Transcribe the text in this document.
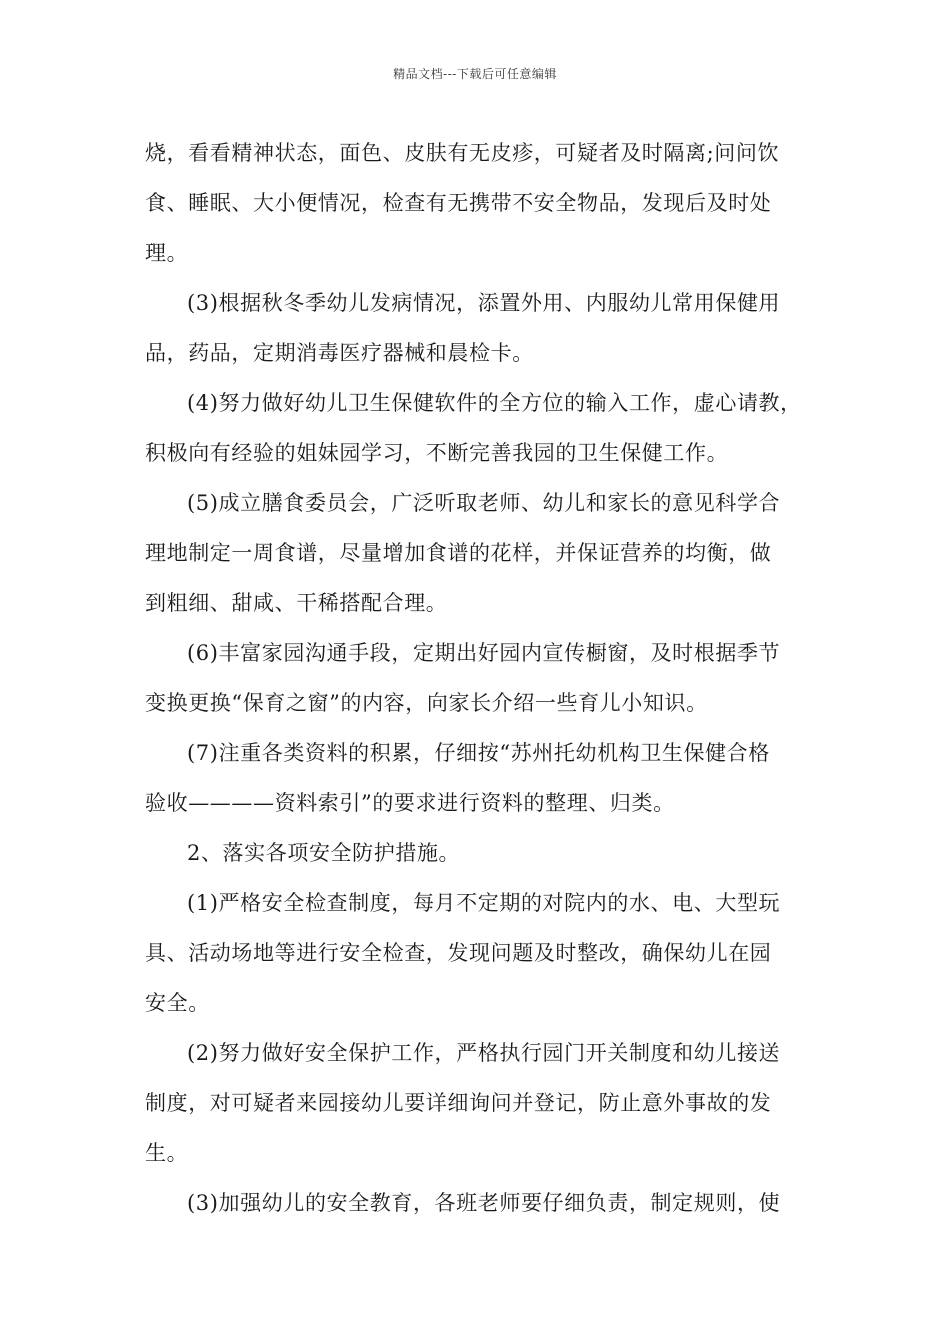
精品文档---下载后可任意编辑
烧，看看精神状态，面色、皮肤有无皮疹，可疑者及时隔离;问问饮
食、睡眠、大小便情况，检查有无携带不安全物品，发现后及时处
理。
(3)根据秋冬季幼儿发病情况，添置外用、内服幼儿常用保健用
品，药品，定期消毒医疗器械和晨检卡。
(4)努力做好幼儿卫生保健软件的全方位的输入工作，虚心请教，
积极向有经验的姐妹园学习，不断完善我园的卫生保健工作。
(5)成立膳食委员会，广泛听取老师、幼儿和家长的意见科学合
理地制定一周食谱，尽量增加食谱的花样，并保证营养的均衡，做
到粗细、甜咸、干稀搭配合理。
(6)丰富家园沟通手段，定期出好园内宣传橱窗，及时根据季节
变换更换“保育之窗”的内容，向家长介绍一些育儿小知识。
(7)注重各类资料的积累，仔细按“苏州托幼机构卫生保健合格
验收————资料索引”的要求进行资料的整理、归类。
2、落实各项安全防护措施。
(1)严格安全检查制度，每月不定期的对院内的水、电、大型玩
具、活动场地等进行安全检查，发现问题及时整改，确保幼儿在园
安全。
(2)努力做好安全保护工作，严格执行园门开关制度和幼儿接送
制度，对可疑者来园接幼儿要详细询问并登记，防止意外事故的发
生。
(3)加强幼儿的安全教育，各班老师要仔细负责，制定规则，使
